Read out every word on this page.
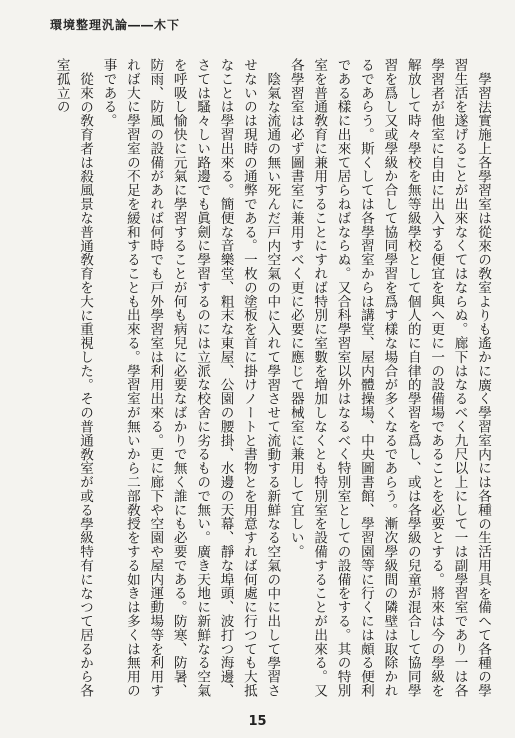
環境整理汎論――木下

學習法實施上各學習室は從來の敎室よりも遙かに廣く學習室内には各種の生活用具を備へて各種の學習生活を遂げることが出來なくてはならぬ。廊下はなるべく九尺以上にして一は副學習室であり一は各學習者が他室に自由に出入する便宜を與へ更に一の設備場であることを必要とする。將來は今の學級を解放して時々學校を無等級學校として個人的に自律的學習を爲し、或は各學級の兒童が混合して協同學習を爲し又或學級か合して協同學習を爲す樣な場合が多くなるであらう。漸次學級間の隣壁は取除かれるであらう。斯くしては各學習室からは講堂、屋内體操場、中央圖書館、學習園等に行くには頗る便利である樣に出來て居らねばならぬ。又合科學習室以外はなるべく特別室としての設備をする。其の特別室を普通敎育に兼用することにすれば特別に室數を増加しなくとも特別室を設備することが出來る。又各學習室は必ず圖書室に兼用すべく更に必要に應じて器械室に兼用して宜しい。

陰氣な流通の無い死んだ戸内空氣の中に入れて學習させて流動する新鮮なる空氣の中に出して學習させないのは現時の通弊である。一枚の塗板を首に掛けノートと書物とを用意すれば何處に行つても大抵なことは學習出來る。簡便な音樂堂、粗末な東屋、公園の腰掛、水邊の天幕、靜な埠頭、波打つ海邊、さては騷々しい路邊でも眞劍に學習するのには立派な校舍に劣るもので無い。廣き天地に新鮮なる空氣を呼吸し愉快に元氣に學習することが何も病兒に必要なばかりで無く誰にも必要である。防寒、防暑、防雨、防風の設備があれば何時でも戸外學習室は利用出來る。更に廊下や空園や屋内運動場等を利用すれば大に學習室の不足を緩和することも出來る。學習室が無いから二部敎授をする如きは多くは無用の事である。

從來の敎育者は殺風景な普通敎育を大に重視した。その普通敎室が或る學級特有になつて居るから各室孤立の

15
